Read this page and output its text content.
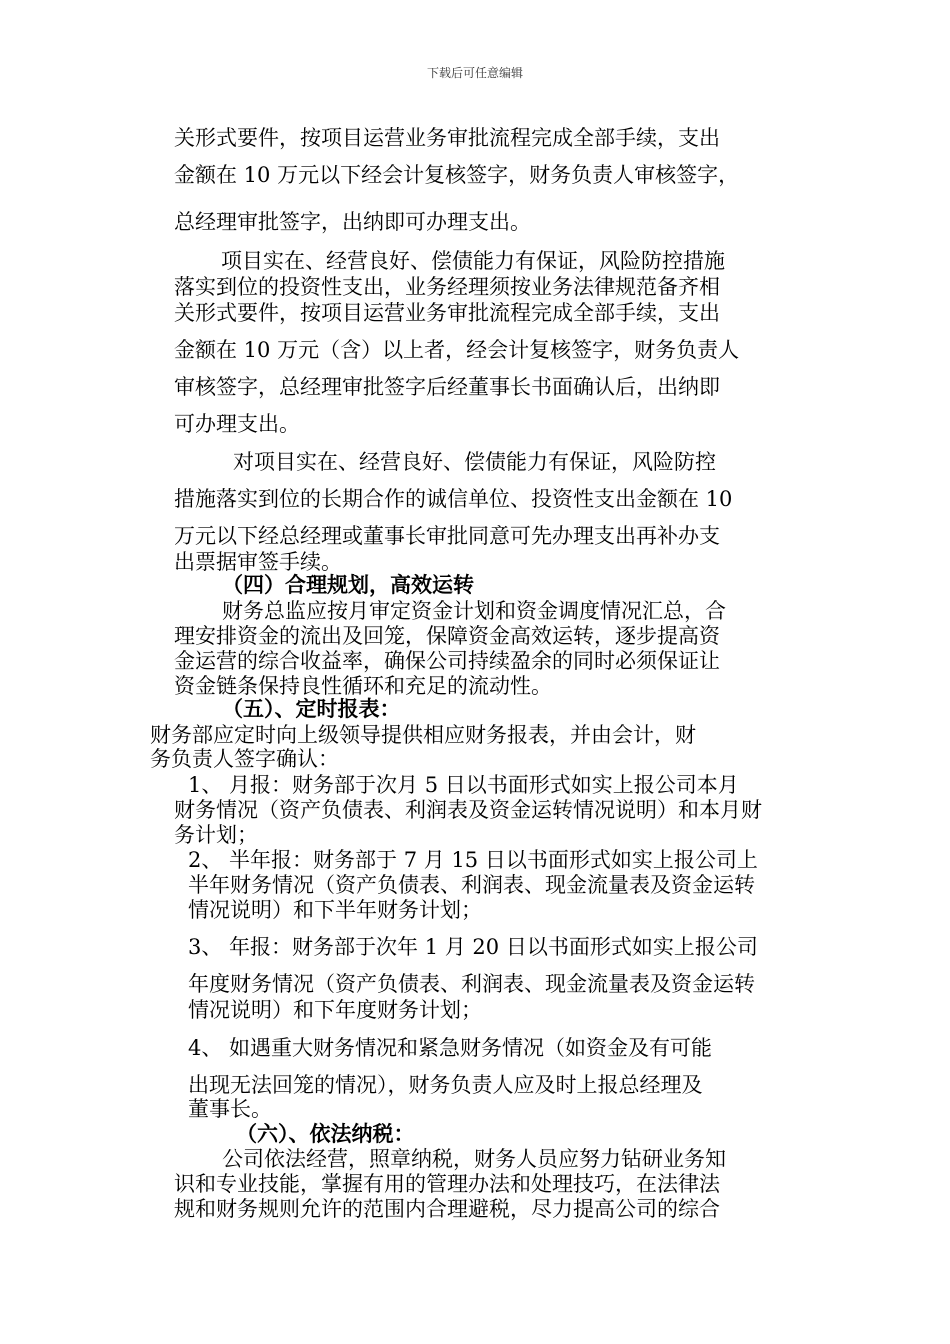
下载后可任意编辑
关形式要件，按项目运营业务审批流程完成全部手续，支出
金额在 10 万元以下经会计复核签字，财务负责人审核签字，
总经理审批签字，出纳即可办理支出。
项目实在、经营良好、偿债能力有保证，风险防控措施
落实到位的投资性支出，业务经理须按业务法律规范备齐相
关形式要件，按项目运营业务审批流程完成全部手续，支出
金额在 10 万元（含）以上者，经会计复核签字，财务负责人
审核签字，总经理审批签字后经董事长书面确认后，出纳即
可办理支出。
对项目实在、经营良好、偿债能力有保证，风险防控
措施落实到位的长期合作的诚信单位、投资性支出金额在 10
万元以下经总经理或董事长审批同意可先办理支出再补办支
出票据审签手续。
（四）合理规划，高效运转
财务总监应按月审定资金计划和资金调度情况汇总，合
理安排资金的流出及回笼，保障资金高效运转，逐步提高资
金运营的综合收益率，确保公司持续盈余的同时必须保证让
资金链条保持良性循环和充足的流动性。
（五）、定时报表：
财务部应定时向上级领导提供相应财务报表，并由会计，财
务负责人签字确认：
1、 月报：财务部于次月 5 日以书面形式如实上报公司本月
财务情况（资产负债表、利润表及资金运转情况说明）和本月财
务计划；
2、 半年报：财务部于 7 月 15 日以书面形式如实上报公司上
半年财务情况（资产负债表、利润表、现金流量表及资金运转
情况说明）和下半年财务计划；
3、 年报：财务部于次年 1 月 20 日以书面形式如实上报公司
年度财务情况（资产负债表、利润表、现金流量表及资金运转
情况说明）和下年度财务计划；
4、 如遇重大财务情况和紧急财务情况（如资金及有可能
出现无法回笼的情况），财务负责人应及时上报总经理及
董事长。
（六）、依法纳税：
公司依法经营，照章纳税，财务人员应努力钻研业务知
识和专业技能，掌握有用的管理办法和处理技巧，在法律法
规和财务规则允许的范围内合理避税，尽力提高公司的综合
